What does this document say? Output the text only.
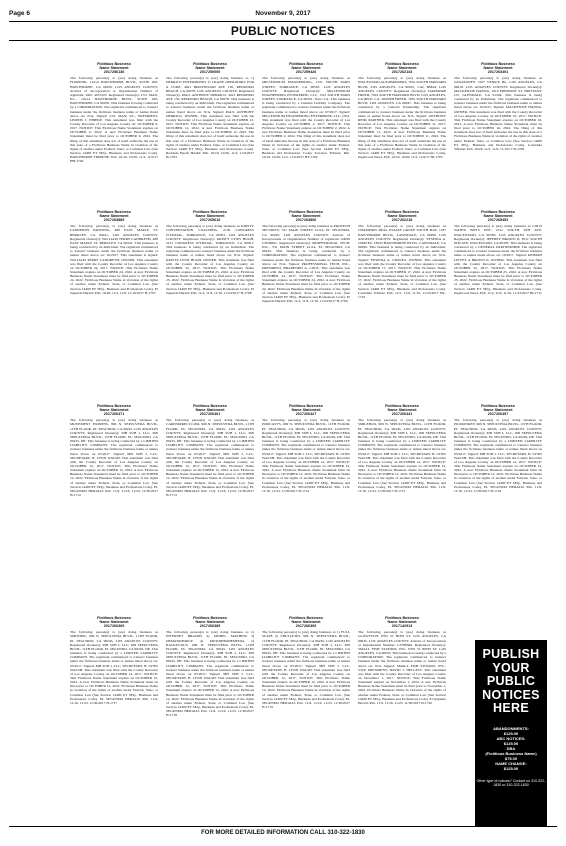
Page 6	November 9, 2017
PUBLIC NOTICES
Fictitious Business
Name Statement
2017256136

The following person(s) is (are) doing business as FLIRONIK, 12214 HAWTHORNE BLVD., SUITE 200, HAWTHORNE, CA 90250. LOS ANGELES COUNTY. Articles of Incorporation or Organization Number of registrant: #201 4057223. Registered Owner(s): LVL MAN, P.C., 12214 HAWTHORNE BLVD., SUITE 200, HAWTHORNE, CA 90250. This business is being conducted by a CORPORATION. The registrant commenced to transact business under the fictitious business name or names listed above on: N/A. Signed: LVL MAN, P.C., PRESIDENT, LEMEIS J. EBIEKE. This statement was filed with the County Recorder of Los Angeles County on: OCTOBER 6, 2017. NOTICE: This Fictitious Name Statement expires on OCTOBER 6, 2022. A new Fictitious Business Name Statement must be filed prior to OCTOBER 6, 2022. The filing of this statement does not of itself authorize the use in this state of a Fictitious Business Name in violation of the rights of another under Federal, State, or Common Law (See Section 14400 ET SEQ., Business and Professions Code). HAWTHORNE TRIBUNE: Pub. 10/19, 10/26, 11/2, 11/9/17 HH-1702

Fictitious Business
Name Statement
2017250000

The following person(s) is (are) doing business as 1) DERRICO ENTERPRISES 2) CRANE OPERATORS FOR A CURE, 4921 BIRCHWOOD AVE 130, REDONDO BEACH, CA 90278. LOS ANGELES COUNTY. Registered Owner(s): PAUL ANTHONY DERRICO, 4921 REDONDO AVE 130, REDONDO BEACH, CA 90278. This business is being conducted by an Individual. The registrant commenced to transact business under the fictitious business name or names listed above on: N/A. Signed: PAUL ANTHONY DERRICO, OWNER. This statement was filed with the County Recorder of Los Angeles County on OCTOBER 12, 2017. NOTICE: This Fictitious Name Statement expires on OCTOBER 12, 2022. A new Fictitious Business Name Statement must be filed prior to OCTOBER 12, 2022. The filing of this statement does not of itself authorize the use in this state of a Fictitious Business Name in violation of the rights of another under Federal, State, or Common Law (See Section 14400 ET SEQ., Business and Professions Code). Redondo Beach Herald: Pub. 10/19, 10/26, 11/2, 11/9/2017 H-1703

Fictitious Business
Name Statement
2017259426

The following person(s) is (are) doing business as MILLENNIUM ENGINEERING, 1521 SOUTH MAIN STREET, TORRANCE, CA 90501. LOS ANGELES COUNTY. Registered Owner(s): MILLENNIUM ENGINEERING ENTERPRISE, LLC, 1521 SOUTH MAIN STREET, TORRANCE, CA 90501. State: CA. This business is being conducted by a Limited Liability Company. The registrant commenced to transact business under the fictitious business name or names listed above on: 07/2017. Signed: MILLENNIUM ENGINEERING ENTERPRISE, LLC, CEO. This statement was filed with the County Recorder of Los Angeles County on OCTOBER 2, 2017. NOTICE: This Fictitious Name Statement expires on OCTOBER 2, 2022. A new Fictitious Business Name Statement must be filed prior to OCTOBER 2, 2022. The filing of this statement does not of itself authorize the use in this state of a Fictitious Business Name in violation of the rights of another under Federal, State, or Common Law (See Section 14400 ET SEQ., Business and Professions Code). Torrance Tribune: Pub. 10/19, 10/26, 11/2, 11/9/2017 HT-1704

Fictitious Business
Name Statement
2017262143

The following person(s) is (are) doing business as INGLEWOOD AUTOBROKERS, 7001 SOUTH HARVARD BLVD, LOS ANGELES, CA 90047, CAL BMAT, LOS ANGELES COUNTY. Registered Owner(s): DARMORE FREED, 7001 SOUTH HARVARD BLVD, LOS ANGELES, CA 90047, CA. JOSEPH FREED, 7001 SOUTH HARVARD BLVD, LOS ANGELES, CA 90047. This business is being conducted by a General Partnership. The registrant commenced to transact business under the fictitious business name or names listed above on: N/A. Signed: ANTHONY REID, PARTNER. This statement was filed with the County Recorder of Los Angeles County on OCTOBER 11, 2017. NOTICE: This Fictitious Name Statement expires on OCTOBER 11, 2022. A new Fictitious Business Name Statement must be filed prior to OCTOBER 11, 2022. The filing of this statement does not of itself authorize the use in this state of a Fictitious Business Name in violation of the rights of another under Federal, State, or Common Law (See Section 14400 ET SEQ., Business and Professions Code). Inglewood News: Pub. 10/19, 10/26, 11/2, 11/9/17 HI-1705

Fictitious Business
Name Statement
2017263401

The following person(s) is (are) doing business as SANAYANEY, 5107 VENICE BL, LOS ANGELES, CA 90019. LOS ANGELES COUNTY. Registered Owner(s): MACKENZIE HANNA, 1010 FREMONT ST, BRITTANY LN, GLENDALE, CA 91204. This business is being conducted by an Individual. The registrant commenced to transact business under the fictitious business name or names listed above on: 10/2017. Signed: MACKENZIE HANNA, OWNER. This statement was filed with the County Recorder of Los Angeles County on OCTOBER 16, 2017. NOTICE: This Fictitious Name Statement expires on OCTOBER 16, 2022. A new Fictitious Business Name Statement must be filed prior to OCTOBER 16, 2022. The filing of this statement does not of itself authorize the use in this state of a Fictitious Business Name in violation of the rights of another under Federal, State, or Common Law (See Section 14400 ET SEQ., Business and Professions Code). Lawndale Tribune: Pub. 10/26, 11/2, 11/9, 11/16/17 H-1706

Fictitious Business
Name Statement
2017263889

The following person(s) is (are) doing business as LANDERTH PAINTING, 480 EAST MAPLE ST, BERKLEY, CA 90241, LOS ANGELES COUNTY. Registered Owner(s): WILLIAM TERRY LANDRETH, 480 EAST MAPLE ST, BERKLEY, CA 90241. This business is being conducted by an Individual. The registrant commenced to transact business under the fictitious business name or names listed above on: 10/2017. This statement is signed: WILLIAM TERRY LANDRETH, OWNER. This statement was filed with the County Recorder of Los Angeles County on OCTOBER 24, 2017. NOTICE: This Fictitious Name Statement expires on OCTOBER 24, 2022. A new Fictitious Business Name Statement must be filed prior to OCTOBER 24, 2022. Fictitious Business Name in violation of the rights of another under Federal, State, or Common Law (See Section 14400 ET SEQ., Business and Professions Code). El Segundo Herald: Pub. 10/26, 11/2, 11/9, 11/16/2017 H-1707

Fictitious Business
Name Statement
2017265616

The following person(s) is (are) doing business as KRISTY CONVERSATION COACHING, 2130 CONGRESS WYDZIAL, TORRANCE, CA 90501, LOS ANGELES COUNTY. Registered Owner(s): KRISTY LYNN HUGH, 2131 CONGRESS WYDZIAL, TORRANCE, CA 90501. This business is being conducted by an Individual. The registrant commenced to transact business under the fictitious business name or names listed above on: N/A. Signed: KRISTY LYNN HUGH, OWNER. This statement was filed with the County Recorder of Los Angeles County on OCTOBER 25, 2017. NOTICE: This Fictitious Name Statement expires on OCTOBER 25, 2022. A new Fictitious Business Name Statement must be filed prior to OCTOBER 25, 2022. Fictitious Business Name in violation of the rights of another under Federal, State, or Common Law (See Section 14400 ET SEQ., Business and Professions Code). El Segundo Herald: Pub. 11/2, 11/9, 11/16, 11/23/2017 H-1708

Fictitious Business
Name Statement
2017263806

The following person(s) is (are) doing business as PROTECH SECURITY, 531 MAIN STREET #1114, EL SEGUNDO, CA 90245, LOS ANGELES COUNTY. Articles of Incorporation or Organization Number of registrant: #4056 C3036691. Registered Owner(s): PROFESSIONAL TECH, INC., 531 MAIN STREET #1114, EL SEGUNDO, CA 90245. This business is being conducted by a CORPORATION. The registrant commenced to transact business under the fictitious business name or names listed above on: N/A. Signed: PROFESSIONAL TECH, INC., PRESIDENT, BRADFORD A. COLE. This statement was filed with the County Recorder of Los Angeles County on OCTOBER 24, 2017. NOTICE: This Fictitious Name Statement expires on OCTOBER 24, 2022. A new Fictitious Business Name Statement must be filed prior to OCTOBER 24, 2022. Fictitious Business Name in violation of the rights of another under Federal, State, or Common Law (See Section 14400 ET SEQ., Business and Professions Code). El Segundo Herald: Pub. 11/2, 11/9, 11/16, 11/23/2017 H-1709

Fictitious Business
Name Statement
2017262218

The following person(s) is (are) doing business as CHAMPION REAL ESTATE GROUP SOUTH BAY, 1187 HAWTHORNE BLVD., LAWNDALE, CA 90260, LOS ANGELES COUNTY. Registered Owner(s): YESENIA A. CHAVEZ, 18543 HAWTHORNE BLVD., LAWNDALE, CA 90260. This business is being conducted by an Individual. The registrant commenced to transact business under the fictitious business name or names listed above on: N/A. Signed: YESENIA A. CHAVEZ, OWNER. This statement was filed with the County Recorder of Los Angeles County on OCTOBER 17, 2017. NOTICE: This Fictitious Name Statement expires on OCTOBER 17, 2022. A new Fictitious Business Name Statement must be filed prior to OCTOBER 17, 2022. Fictitious Business Name in violation of the rights of another under Federal, State, or Common Law (See Section 14400 ET SEQ., Business and Professions Code). Lawndale Tribune: Pub. 11/2, 11/9, 11/16, 11/23/2017 HL-1710

Fictitious Business
Name Statement
2017265452

The following person(s) is (are) doing business as COLD WATER BOYS ENT, 2511 SOUTH 9TH AVE, INGLEWOOD, CA 90305. LOS ANGELES COUNTY. Registered Owner(s): JEFFREY BROWN II, 8511 SOUTH 9TH AVE, INGLEWOOD, CA 90305. This business is being conducted by a GENERAL PARTNERSHIP. The registrant commenced to transact business under the fictitious business name or names listed above on: 10/2017. Signed: KEIMAH LIEVEY A BROWN II, OWNER. This statement was filed with the County Recorder of Los Angeles County on OCTOBER 25, 2017. NOTICE: This Fictitious Name Statement expires on OCTOBER 25, 2022. A new Fictitious Business Name Statement must be filed prior to OCTOBER 25, 2022. Fictitious Business Name in violation of the rights of another under Federal, State, or Common Law (See Section 14400 ET SEQ., Business and Professions Code). Inglewood News: Pub. 11/2, 11/9, 11/16, 11/23/2017 HI-1711

Fictitious Business
Name Statement
2017266471

The following person(s) is (are) doing business as MOVEMENT EXPRESS, 800 N. SEPULVEDA BLVD., 11TH FLOOR, EL SEGUNDO, CA 90245, LOS ANGELES COUNTY. Registered Owner(s): MH SUB I, LLC, 909 SEPULVEDA BLVD., 11TH FLOOR, EL SEGUNDO, CA 90245, DE. This business is being conducted by a LIMITED LIABILITY COMPANY. The registrant commenced to transact business under the fictitious business name or names listed above on 05/2017. Signed: MH SUB I, LLC, SECRETARY, B. LYNN WALSH. This statement was filed with the County Recorder of Los Angeles County on OCTOBER 12, 2017. NOTICE: This Fictitious Name Statement expires on OCTOBER 12, 2022. A new Fictitious Business Name Statement must be filed prior to OCTOBER 12, 2022. Fictitious Business Name in violation of the rights of another under Federal, State, or Common Law (See Section 14400 ET SEQ., Business and Professions Code). EL SEGUNDO HERALD: Pub. 11/9, 11/16, 11/23, 11/30/2017 H-1712

Fictitious Business
Name Statement
2017266461

The following person(s) is (are) doing business as CARDSDIRECT.COM, 909 N. SEPULVEDA BLVD., 11TH FLOOR, EL SEGUNDO, CA 90245, LOS ANGELES COUNTY. Registered Owner(s): MH SUB I, LLC, 909 SEPULVEDA BLVD., 11TH FLOOR, EL SEGUNDO, CA 90245, DE. This business is being conducted by a LIMITED LIABILITY COMPANY. The registrant commenced to transact business under the fictitious business name or names listed above on 05/2017. Signed: MH SUB I, LLC, SECRETARY, B. LYNN WALSH. This statement was filed with the County Recorder of Los Angeles County on OCTOBER 12, 2017. NOTICE: This Fictitious Name Statement expires on OCTOBER 12, 2022. A new Fictitious Business Name Statement must be filed prior to OCTOBER 12, 2022. Fictitious Business Name in violation of the rights of another under Federal, State, or Common Law (See Section 14400 ET SEQ., Business and Professions Code). EL SEGUNDO HERALD: Pub. 11/9, 11/16, 11/23, 11/30/2017 H-1713

Fictitious Business
Name Statement
2017266427

The following person(s) is (are) doing business as PODCAST'S, 909 N. SEPULVEDA BLVD., 11TH FLOOR, EL SEGUNDO, CA 90245, LOS ANGELES COUNTY. Registered Owner(s): MH SUB I, LLC, 909 SEPULVEDA BLVD., 11TH FLOOR, EL SEGUNDO, CA 90245, DE. This business is being conducted by a LIMITED LIABILITY COMPANY. The registrant commenced to transact business under the fictitious business name or names listed above on: 05/2017. Signed: MH SUB I, LLC, SECRETARY, B. LYNN WALSH. This statement was filed with the County Recorder of Los Angeles County on OCTOBER 12, 2017. NOTICE: This Fictitious Name Statement expires on OCTOBER 12, 2022. A new Fictitious Business Name Statement must be filed prior to OCTOBER 12, 2022. Fictitious Business Name in violation of the rights of another under Federal, State, or Common Law (See Section 14400 ET SEQ., Business and Professions Code). EL SEGUNDO HERALD: Pub. 11/9, 11/16, 11/23, 11/30/2017 H-1714

Fictitious Business
Name Statement
2017266441

The following person(s) is (are) doing business as SMILEBOX, 909 N. SEPULVEDA BLVD., 11TH FLOOR, EL SEGUNDO, CA 90245, LOS ANGELES COUNTY. Registered Owner(s): MH SUB I, LLC, 909 SEPULVEDA BLVD., 11TH FLOOR, EL SEGUNDO, CA 90245, DE. This business is being conducted by a LIMITED LIABILITY COMPANY. The registrant commenced to transact business under the fictitious business name or names listed above on: 05/2017. Signed: MH SUB I, LLC, SECRETARY, B. LYNN WALSH. This statement was filed with the County Recorder of Los Angeles County on OCTOBER 12, 2017. NOTICE: This Fictitious Name Statement expires on OCTOBER 12, 2022. A new Fictitious Business Name Statement must be filed prior to OCTOBER 12, 2022. Fictitious Business Name in violation of the rights of another under Federal, State, or Common Law (See Section 14400 ET SEQ., Business and Professions Code). EL SEGUNDO HERALD: Pub. 11/9, 11/16, 11/23, 11/30/2017 H-1715

Fictitious Business
Name Statement
2017266457

The following person(s) is (are) doing business as PICMONKEY, 909 N. SEPULVEDA BLVD., 11TH FLOOR, EL SEGUNDO, CA 90245, LOS ANGELES COUNTY. Registered Owner(s): MH SUB I, LLC, 909 SEPULVEDA BLVD., 11TH FLOOR, EL SEGUNDO, CA 90245, DE. This business is being conducted by a LIMITED LIABILITY COMPANY. The registrant commenced to transact business under the fictitious business name or names listed above on 05/2017. Signed: MH SUB I, LLC, SECRETARY, B. LYNN WALSH. This statement was filed with the County Recorder of Los Angeles County on OCTOBER 12, 2017. NOTICE: This Fictitious Name Statement expires on OCTOBER 12, 2022. A new Fictitious Business Name Statement must be filed prior to OCTOBER 12, 2022. Fictitious Business Name in violation of the rights of another under Federal, State, or Common Law (See Section 14400 ET SEQ., Business and Professions Code). EL SEGUNDO HERALD: Pub. 11/9, 11/16, 11/23, 11/30/2017 H-1716

Fictitious Business
Name Statement
2017266369

The following person(s) is (are) doing business as SMITOPIC, 909 N. SEPULVEDA BLVD., 11TH FLOOR, EL SEGUNDO, CA 90245, LOS ANGELES COUNTY. Registered Owner(s): MH SUB I, LLC, 909 SEPULVEDA BLVD., 11TH FLOOR, EL SEGUNDO, CA 90245, DE. This business is being conducted by a LIMITED LIABILITY COMPANY. The registrant commenced to transact business under the fictitious business name or names listed above on: 05/2017. Signed: MH SUB I, LLC, SECRETARY, B. LYNN WALSH. This statement was filed with the County Recorder of Los Angeles County on OCTOBER 12, 2017. NOTICE: This Fictitious Name Statement expires on OCTOBER 12, 2022. A new Fictitious Business Name Statement must be filed prior to OCTOBER 12, 2022. Fictitious Business Name in violation of the rights of another under Federal, State, or Common Law (See Section 14400 ET SEQ., Business and Professions Code). EL SEGUNDO HERALD: Pub. 11/9, 11/16, 11/23, 11/30/2017 H-1717

Fictitious Business
Name Statement
2017266385

The following person(s) is (are) doing business as 1) INTERNET BRANDS 2) MODEL MAYHEM 3) DEMANDFORCE 4) MOTORHOMEMEDIA 5) RACKULOUS, 909 N. SEPULVEDA BLVD., 11TH FLOOR, EL SEGUNDO, CA 90245, LOS ANGELES COUNTY. Registered Owner(s): MH SUB I, LLC, 909 SEPULVEDA BLVD., 11TH FLOOR, EL SEGUNDO, CA 90245, DE. This business is being conducted by a LIMITED LIABILITY COMPANY. The registrant commenced to transact business under the fictitious business name or names listed above on 05/2017. Signed: MH SUB I, LLC, SECRETARY, B. LYNN WALSH. This statement was filed with the County Recorder of Los Angeles County on OCTOBER 12, 2017. NOTICE: This Fictitious Name Statement expires on OCTOBER 12, 2022. A new Fictitious Business Name Statement must be filed prior to OCTOBER 12, 2022. Fictitious Business Name in violation of the rights of another under Federal, State, or Common Law (See Section 14400 ET SEQ., Business and Professions Code). EL SEGUNDO HERALD: Pub. 11/9, 11/16, 11/23, 11/30/2017 H-1718

Fictitious Business
Name Statement
2017266306

The following person(s) is (are) doing business as 1) FULL SLATE 2) VBULLETIN, 909 N. SEPULVEDA BLVD., 11TH FLOOR, EL SEGUNDO, CA 90245, LOS ANGELES COUNTY. Registered Owner(s): MH SUB I, LLC, 909 SEPULVEDA BLVD., 11TH FLOOR, EL SEGUNDO, CA 90245, DE. This business is being conducted by a LIMITED LIABILITY COMPANY. The registrant commenced to transact business under the fictitious business name or names listed above on 05/2017. Signed: MH SUB I, LLC, SECRETARY, B. LYNN WALSH. This statement was filed with the County Recorder of Los Angeles County on OCTOBER 12, 2017. NOTICE: This Fictitious Name Statement expires on OCTOBER 12, 2022. A new Fictitious Business Name Statement must be filed prior to OCTOBER 12, 2022. Fictitious Business Name in violation of the rights of another under Federal, State, or Common Law (See Section 14400 ET SEQ., Business and Professions Code). EL SEGUNDO HERALD: Pub. 11/9, 11/16, 11/23, 11/30/2017 H-1719

Fictitious Business
Name Statement
2017142913

The following person(s) is (are) doing business as GLOWTECH, 6355 W 80TH ST, LOS ANGELES, CA 90045, LOS ANGELES COUNTY. Articles of Incorporation or Organization Number: C3788309. Registered Owner(s): SMALL FISH STUDIOS, INC, 6355 W 80TH ST, LOS ANGELES, CA 90045. This business is being conducted by a CORPORATION. The registrant commenced to transact business under the fictitious business name or names listed above on: N/A. Signed: SMALL FISH STUDIOS, INC., VICE PRESIDENT, DAVID J. HELLETT. This statement was filed with the County Recorder of Los Angeles County on November 1, 2017. NOTICE: This Fictitious Name Statement expires on November 1, 2022. A new Fictitious Business Name Statement must be filed prior to November 1, 2022. Fictitious Business Name in violation of the rights of another under Federal, State, or Common Law (See Section 14400 ET SEQ., Business and Professions Code). El Segundo Herald: Pub. 11/9, 11/16, 11/23, 11/30/2017 H-1720

PUBLISH
YOUR
PUBLIC
NOTICES
HERE
ABANDONMENTS:
$125.00
ABC NOTICES:
$125.00
DBA
(Fictitious Business Name)
$75.00
NAME CHANGE:
$125.00
Other type of notices? Contact us 310-322-1830 or 310-322-1830
FOR MORE DETAILED INFORMATION CALL 310-322-1830
